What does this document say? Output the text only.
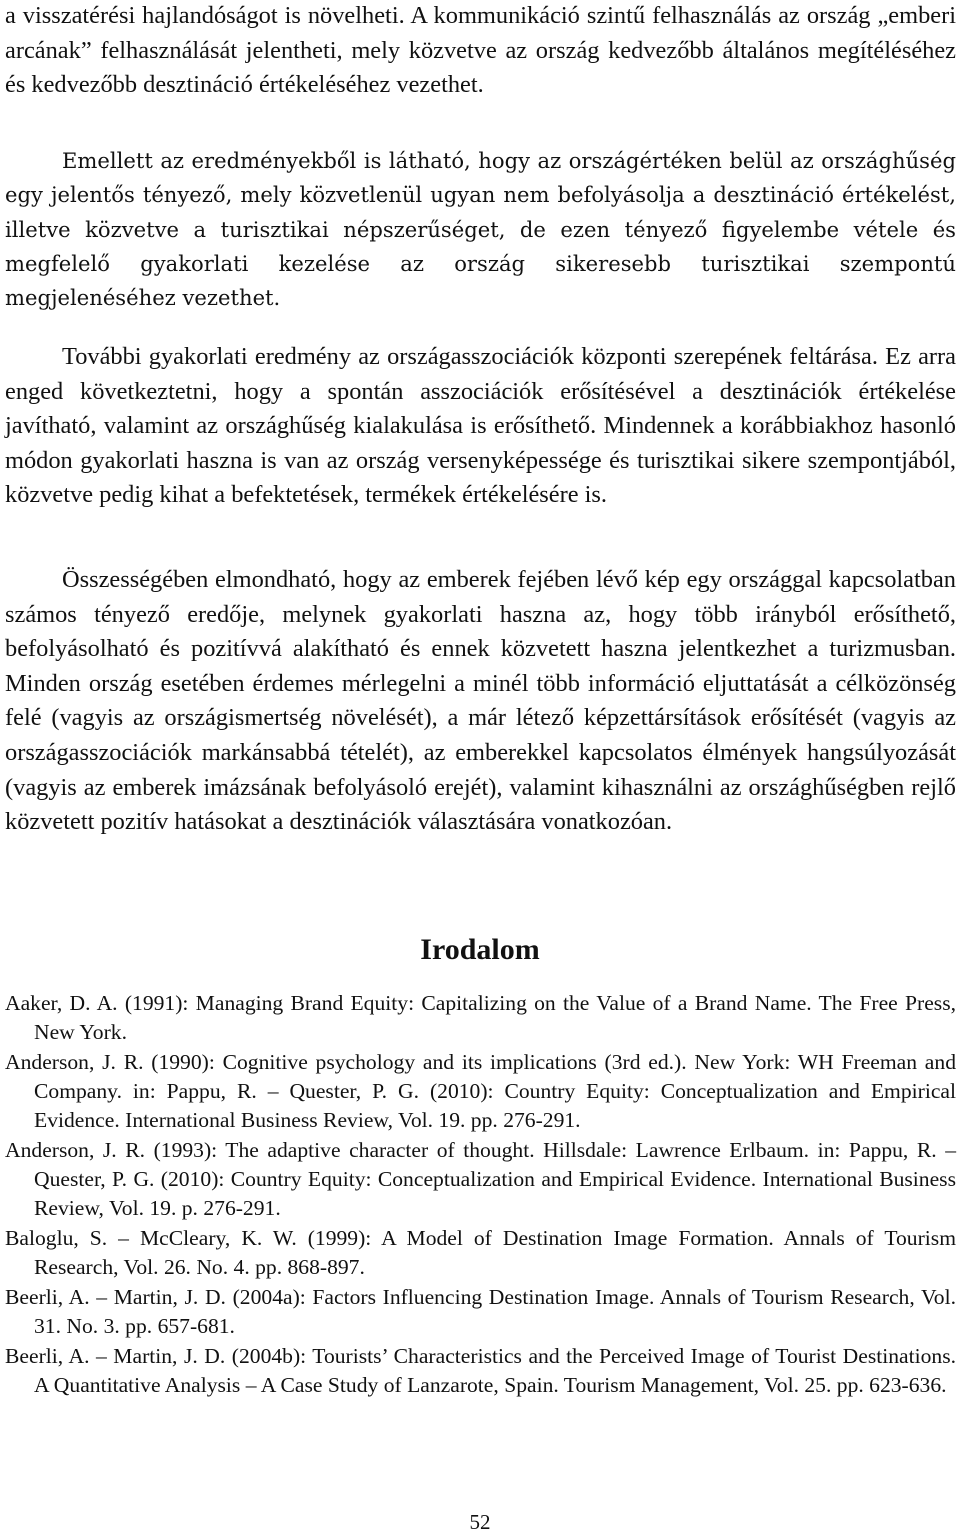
a visszatérési hajlandóságot is növelheti. A kommunikáció szintű felhasználás az ország „emberi arcának” felhasználását jelentheti, mely közvetve az ország kedvezőbb általános megítéléséhez és kedvezőbb desztináció értékeléséhez vezethet.

Emellett az eredményekből is látható, hogy az országértéken belül az országhűség egy jelentős tényező, mely közvetlenül ugyan nem befolyásolja a desztináció értékelést, illetve közvetve a turisztikai népszerűséget, de ezen tényező figyelembe vétele és megfelelő gyakorlati kezelése az ország sikeresebb turisztikai szempontú megjelenéséhez vezethet.

További gyakorlati eredmény az országasszociációk központi szerepének feltárása. Ez arra enged következtetni, hogy a spontán asszociációk erősítésével a desztinációk értékelése javítható, valamint az országhűség kialakulása is erősíthető. Mindennek a korábbiakhoz hasonló módon gyakorlati haszna is van az ország versenyképessége és turisztikai sikere szempontjából, közvetve pedig kihat a befektetések, termékek értékelésére is.

Összességében elmondható, hogy az emberek fejében lévő kép egy országgal kapcsolatban számos tényező eredője, melynek gyakorlati haszna az, hogy több irányból erősíthető, befolyásolható és pozitívvá alakítható és ennek közvetett haszna jelentkezhet a turizmusban. Minden ország esetében érdemes mérlegelni a minél több információ eljuttatását a célközönség felé (vagyis az országismertség növelését), a már létező képzettársítások erősítését (vagyis az országasszociációk markánsabbá tételét), az emberekkel kapcsolatos élmények hangsúlyozását (vagyis az emberek imázsának befolyásoló erejét), valamint kihasználni az országhűségben rejlő közvetett pozitív hatásokat a desztinációk választására vonatkozóan.

Irodalom
Aaker, D. A. (1991): Managing Brand Equity: Capitalizing on the Value of a Brand Name. The Free Press, New York.
Anderson, J. R. (1990): Cognitive psychology and its implications (3rd ed.). New York: WH Freeman and Company. in: Pappu, R. – Quester, P. G. (2010): Country Equity: Conceptualization and Empirical Evidence. International Business Review, Vol. 19. pp. 276-291.
Anderson, J. R. (1993): The adaptive character of thought. Hillsdale: Lawrence Erlbaum. in: Pappu, R. – Quester, P. G. (2010): Country Equity: Conceptualization and Empirical Evidence. International Business Review, Vol. 19. p. 276-291.
Baloglu, S. – McCleary, K. W. (1999): A Model of Destination Image Formation. Annals of Tourism Research, Vol. 26. No. 4. pp. 868-897.
Beerli, A. – Martin, J. D. (2004a): Factors Influencing Destination Image. Annals of Tourism Research, Vol. 31. No. 3. pp. 657-681.
Beerli, A. – Martin, J. D. (2004b): Tourists’ Characteristics and the Perceived Image of Tourist Destinations. A Quantitative Analysis – A Case Study of Lanzarote, Spain. Tourism Management, Vol. 25. pp. 623-636.
52
